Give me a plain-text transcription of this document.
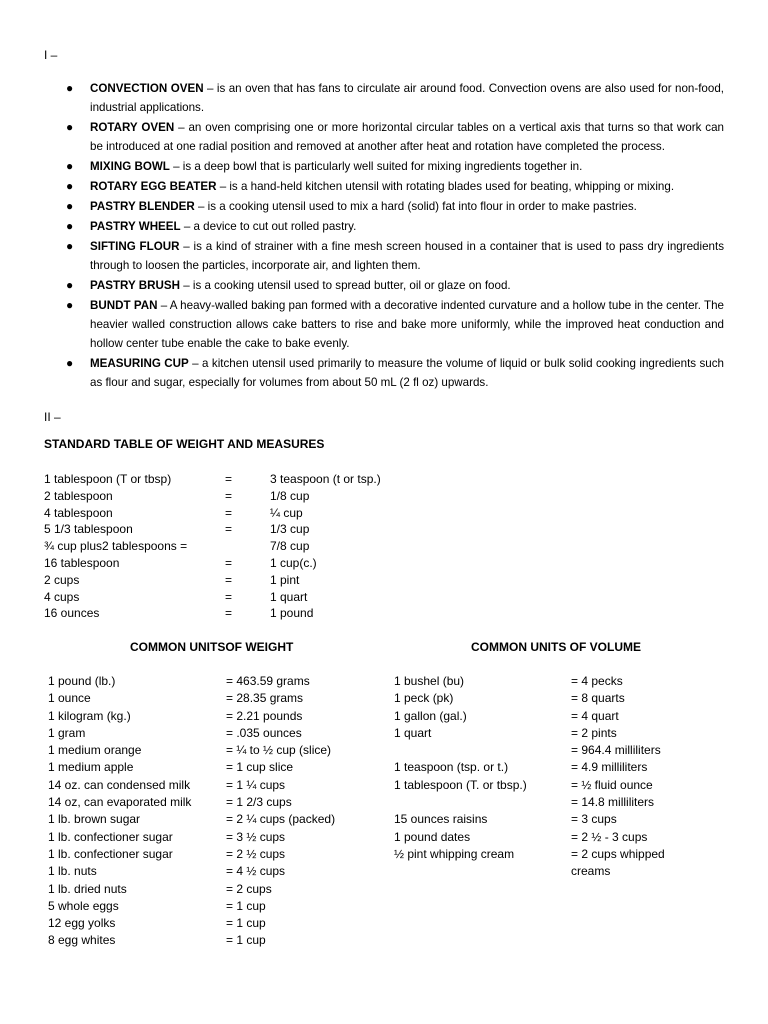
I –
● CONVECTION OVEN – is an oven that has fans to circulate air around food. Convection ovens are also used for non-food, industrial applications.
● ROTARY OVEN – an oven comprising one or more horizontal circular tables on a vertical axis that turns so that work can be introduced at one radial position and removed at another after heat and rotation have completed the process.
● MIXING BOWL – is a deep bowl that is particularly well suited for mixing ingredients together in.
● ROTARY EGG BEATER – is a hand-held kitchen utensil with rotating blades used for beating, whipping or mixing.
● PASTRY BLENDER – is a cooking utensil used to mix a hard (solid) fat into flour in order to make pastries.
● PASTRY WHEEL – a device to cut out rolled pastry.
● SIFTING FLOUR – is a kind of strainer with a fine mesh screen housed in a container that is used to pass dry ingredients through to loosen the particles, incorporate air, and lighten them.
● PASTRY BRUSH – is a cooking utensil used to spread butter, oil or glaze on food.
● BUNDT PAN – A heavy-walled baking pan formed with a decorative indented curvature and a hollow tube in the center. The heavier walled construction allows cake batters to rise and bake more uniformly, while the improved heat conduction and hollow center tube enable the cake to bake evenly.
● MEASURING CUP – a kitchen utensil used primarily to measure the volume of liquid or bulk solid cooking ingredients such as flour and sugar, especially for volumes from about 50 mL (2 fl oz) upwards.
II –
STANDARD TABLE OF WEIGHT AND MEASURES
1 tablespoon (T or tbsp)	=	3 teaspoon (t or tsp.)
2 tablespoon	=	1/8 cup
4 tablespoon	=	¼ cup
5 1/3 tablespoon	=	1/3 cup
¾ cup plus2 tablespoons =	7/8 cup
16 tablespoon	=	1 cup(c.)
2 cups	=	1 pint
4 cups	=	1 quart
16 ounces	=	1 pound
COMMON UNITSOF WEIGHT	COMMON UNITS OF VOLUME
1 pound (lb.)	= 463.59 grams
1 ounce	= 28.35 grams
1 kilogram (kg.)	= 2.21 pounds
1 gram	= .035 ounces
1 medium orange	= ¼ to ½ cup (slice)
1 medium apple	= 1 cup slice
14 oz. can condensed milk	= 1 ¼ cups
14 oz, can evaporated milk	= 1 2/3 cups
1 lb. brown sugar	= 2 ¼ cups (packed)
1 lb. confectioner sugar	= 3 ½ cups
1 lb. confectioner sugar	= 2 ½ cups
1 lb. nuts	= 4 ½ cups
1 lb. dried nuts	= 2 cups
5 whole eggs	= 1 cup
12 egg yolks	= 1 cup
8 egg whites	= 1 cup
1 bushel (bu)	= 4 pecks
1 peck (pk)	= 8 quarts
1 gallon (gal.)	= 4 quart
1 quart	= 2 pints
= 964.4 milliliters
1 teaspoon (tsp. or t.)	= 4.9 milliliters
1 tablespoon (T. or tbsp.)	= ½ fluid ounce
= 14.8 milliliters
15 ounces raisins	= 3 cups
1 pound dates	= 2 ½ - 3 cups
½ pint whipping cream	= 2 cups whipped
creams
